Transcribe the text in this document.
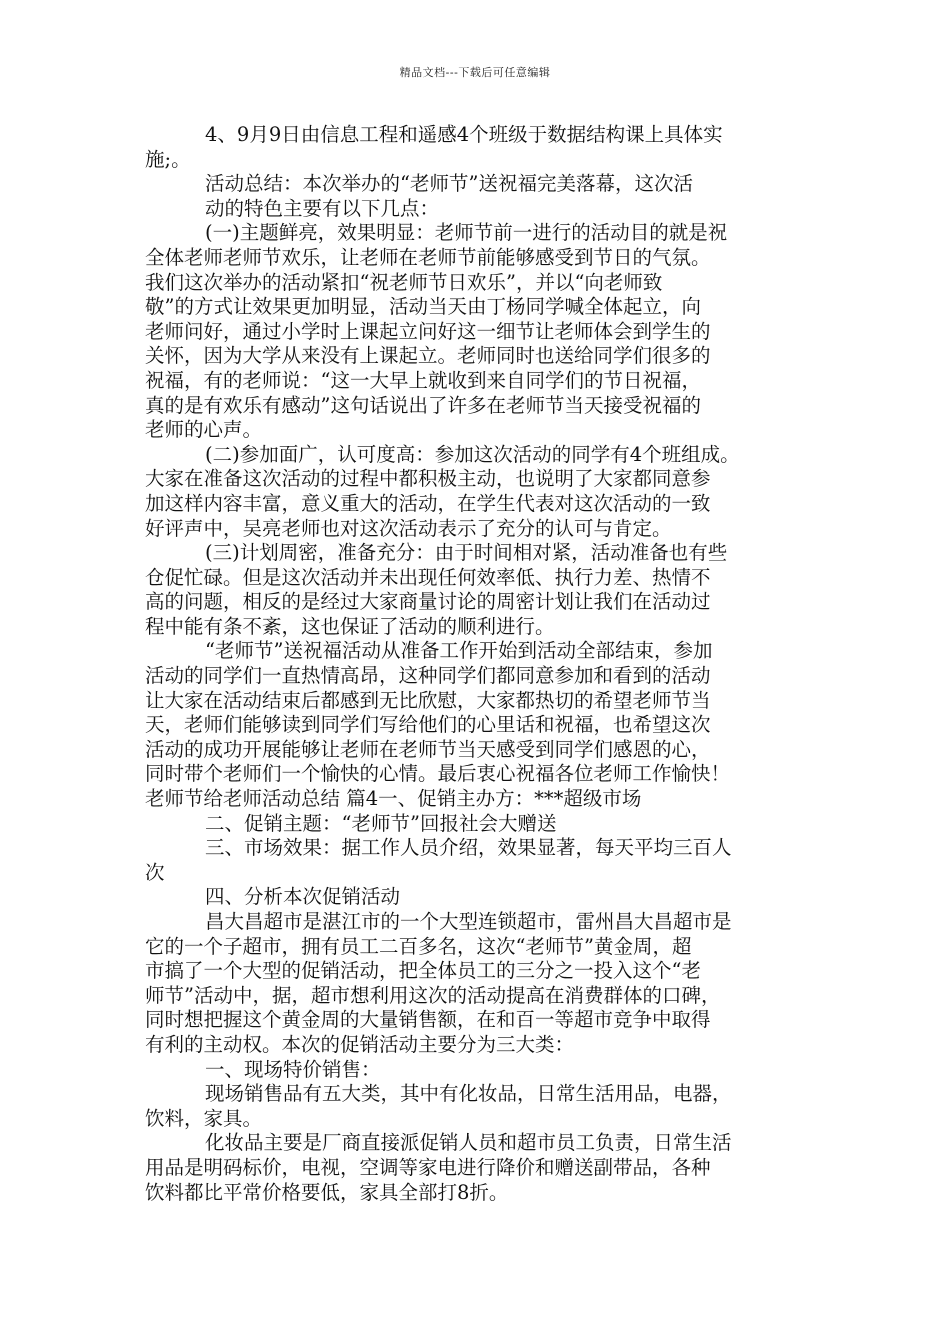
精品文档---下载后可任意编辑
4、9月9日由信息工程和遥感4个班级于数据结构课上具体实
施;。
活动总结：本次举办的“老师节”送祝福完美落幕，这次活
动的特色主要有以下几点：
(一)主题鲜亮，效果明显：老师节前一进行的活动目的就是祝
全体老师老师节欢乐，让老师在老师节前能够感受到节日的气氛。
我们这次举办的活动紧扣“祝老师节日欢乐”，并以“向老师致
敬”的方式让效果更加明显，活动当天由丁杨同学喊全体起立，向
老师问好，通过小学时上课起立问好这一细节让老师体会到学生的
关怀，因为大学从来没有上课起立。老师同时也送给同学们很多的
祝福，有的老师说：“这一大早上就收到来自同学们的节日祝福，
真的是有欢乐有感动”这句话说出了许多在老师节当天接受祝福的
老师的心声。
(二)参加面广，认可度高：参加这次活动的同学有4个班组成。
大家在准备这次活动的过程中都积极主动，也说明了大家都同意参
加这样内容丰富，意义重大的活动，在学生代表对这次活动的一致
好评声中，吴亮老师也对这次活动表示了充分的认可与肯定。
(三)计划周密，准备充分：由于时间相对紧，活动准备也有些
仓促忙碌。但是这次活动并未出现任何效率低、执行力差、热情不
高的问题，相反的是经过大家商量讨论的周密计划让我们在活动过
程中能有条不紊，这也保证了活动的顺利进行。
“老师节”送祝福活动从准备工作开始到活动全部结束，参加
活动的同学们一直热情高昂，这种同学们都同意参加和看到的活动
让大家在活动结束后都感到无比欣慰，大家都热切的希望老师节当
天，老师们能够读到同学们写给他们的心里话和祝福，也希望这次
活动的成功开展能够让老师在老师节当天感受到同学们感恩的心，
同时带个老师们一个愉快的心情。最后衷心祝福各位老师工作愉快！
老师节给老师活动总结 篇4一、促销主办方：***超级市场
二、促销主题：“老师节”回报社会大赠送
三、市场效果：据工作人员介绍，效果显著，每天平均三百人
次
四、分析本次促销活动
昌大昌超市是湛江市的一个大型连锁超市，雷州昌大昌超市是
它的一个子超市，拥有员工二百多名，这次“老师节”黄金周，超
市搞了一个大型的促销活动，把全体员工的三分之一投入这个“老
师节”活动中，据，超市想利用这次的活动提高在消费群体的口碑，
同时想把握这个黄金周的大量销售额，在和百一等超市竞争中取得
有利的主动权。本次的促销活动主要分为三大类：
一、现场特价销售：
现场销售品有五大类，其中有化妆品，日常生活用品，电器，
饮料，家具。
化妆品主要是厂商直接派促销人员和超市员工负责，日常生活
用品是明码标价，电视，空调等家电进行降价和赠送副带品，各种
饮料都比平常价格要低，家具全部打8折。
